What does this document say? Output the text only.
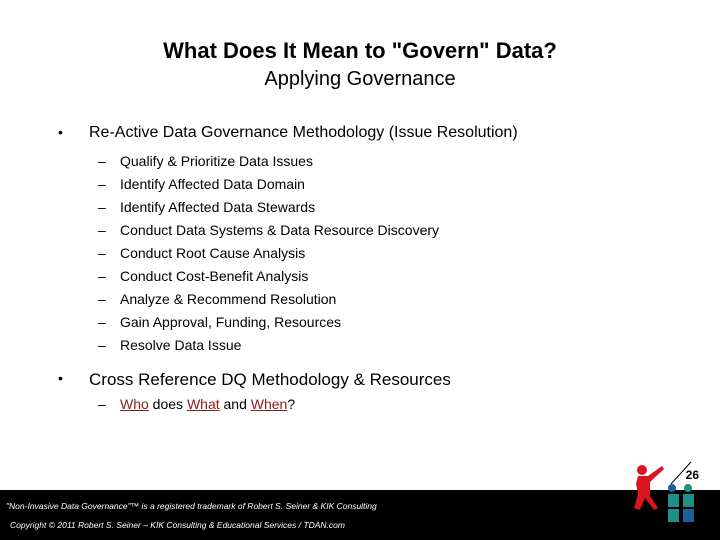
What Does It Mean to "Govern" Data?
Applying Governance
• Re-Active Data Governance Methodology (Issue Resolution)
–	Qualify & Prioritize Data Issues
–	Identify Affected Data Domain
–	Identify Affected Data Stewards
–	Conduct Data Systems & Data Resource Discovery
–	Conduct Root Cause Analysis
–	Conduct Cost-Benefit Analysis
–	Analyze & Recommend Resolution
–	Gain Approval, Funding, Resources
–	Resolve Data Issue
• Cross Reference DQ Methodology & Resources
– Who does What and When?
"Non-Invasive Data Governance"™ is a registered trademark of Robert S. Seiner & KIK Consulting
Copyright © 2011 Robert S. Seiner – KIK Consulting & Educational Services / TDAN.com
26
